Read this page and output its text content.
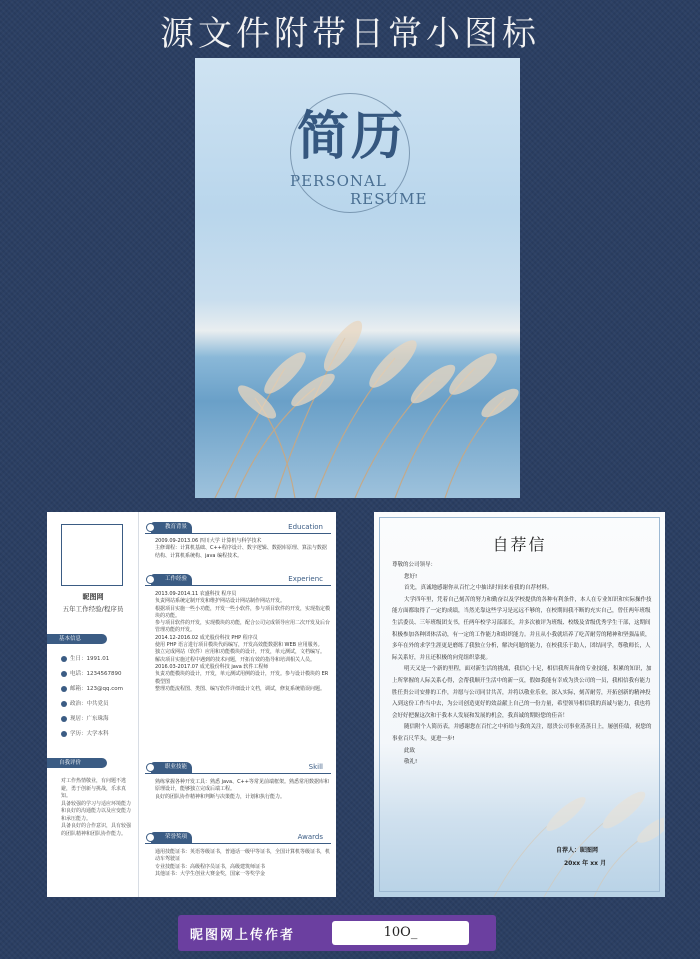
源文件附带日常小图标
简历
PERSONAL
RESUME
昵图网
五年工作经验/程序员
基本信息
生日：1991.01
电话：1234567890
邮箱：123@qq.com
政治：中共党员
现居：广东珠海
学历：大学本科
自我评价
对工作热情敬业，有问题不逃避，勇于创新与挑战，乐求真知。
具备较强的学习与适应环境能力和良好的沟通能力以及应变能力和承压能力。
具备良好的合作意识，具有较强的团队精神和团队协作能力。
教育背景	Education
2009.09-2013.06 四川大学 计算机与科学技术
主修课程：计算机基础、C++程序设计、数字逻辑、数据库原理、算法与数据结构、计算机系统构、java 编程技术。
工作经验	Experienc
2013.09-2014.11 农盛科技 程序员
负责网站系统定制开发和维护网站设计网站制作网站开发。
根据项目实施一些小功能，开发一些小软件，参与项目软件的开发，实现指定模块的功能。
参与项目软件的开发，实现模块的功能，配合公司完成领导应用二次开发及后台管理功能的开发。
2014.12-2016.02 成光股份科技 PHP 程序员
使用 PHP 语言进行项目模块代码编写，开发高效能数据和 WEB 应用服务。
独立完成网站（软件）应用和功能模块的设计，开发，单元测试，文档编写。
解决项目实施过程中遇到的技术问题，开拓有效的指导和培训相关人员。
2016.03-2017.07 成光股份科技 java 软件工程师
负责功能模块的设计，开发，单元测试用例的设计，开发。参与设计模块的 ER 模型图
整理功能流程图、类图、编写软件详细设计文档，调试，修复系统错误问题。
职业技能	Skill
熟练掌握各种开发工具：熟悉 java、C++等常见前端框架。熟悉常用数据库和原理设计，能够独立完成后端工程。
良好的团队协作精神和判断与决策能力，计划和执行能力。
荣誉奖项	Awards
通用技能证书：英语等级证书，普通话一级甲等证书，全国计算机等级证书，机动车驾驶证
专业技能证书：高级程序员证书，高级建筑师证书
其他证书：大学生创业大赛金奖，国家一等奖学金
自荐信

尊敬的公司领导：

您好!

首先，真诚地感谢你从百忙之中抽出时间来看我的自荐材料。

大学四年里，凭着自己刻苦的努力和勤奋以及学校提供的各种有利条件，本人在专业知识和实际操作技能方面都取得了一定的成绩，当然光靠这些学习是远远不够的，在校期间我不断的充实自己，曾任两年班级生活委员、三年班级团支书，任两年校学习部部长，并多次被评为班级、校级及省级优秀学生干部，这期间积极参加各种团体活动，有一定的工作能力和组织能力。并且从小我就培养了吃苦耐劳的精神和坚强品质，多年在外的求学生涯更是磨练了我独立分析，解决问题的能力，在校我乐于助人，团结同学，尊敬师长，人际关系好，并且还积极的向党组织靠拢。

明天又是一个新的里程，面对新生活的挑战，我信心十足，相信我所具备的专业技能，积累的知识，加上所掌握的人际关系心得，会帮我顺开生活中的新一页，假如我能有幸成为贵公司的一员，我相信我有能力胜任贵公司安排的工作，并愿与公司同甘共苦，并将以敬业乐业，深入实际，刻苦耐劳，开拓创新的精神投入到这份工作当中去，为公司创造更好的效益献上自己的一份力量，希望领导相信我的真诚与能力，我也将会好好把握这次和于我本人发展和发展的机会，我真诚的期盼您的佳音！

随信附个人简历表，并感谢您在百忙之中祈给与我的关注，愿贵公司事业蒸蒸日上，屡创佳绩，祝您的事业百尺竿头，更进一步!

此致

敬礼!

自荐人：昵图网
20xx 年 xx 月
昵图网上传作者	10O_
